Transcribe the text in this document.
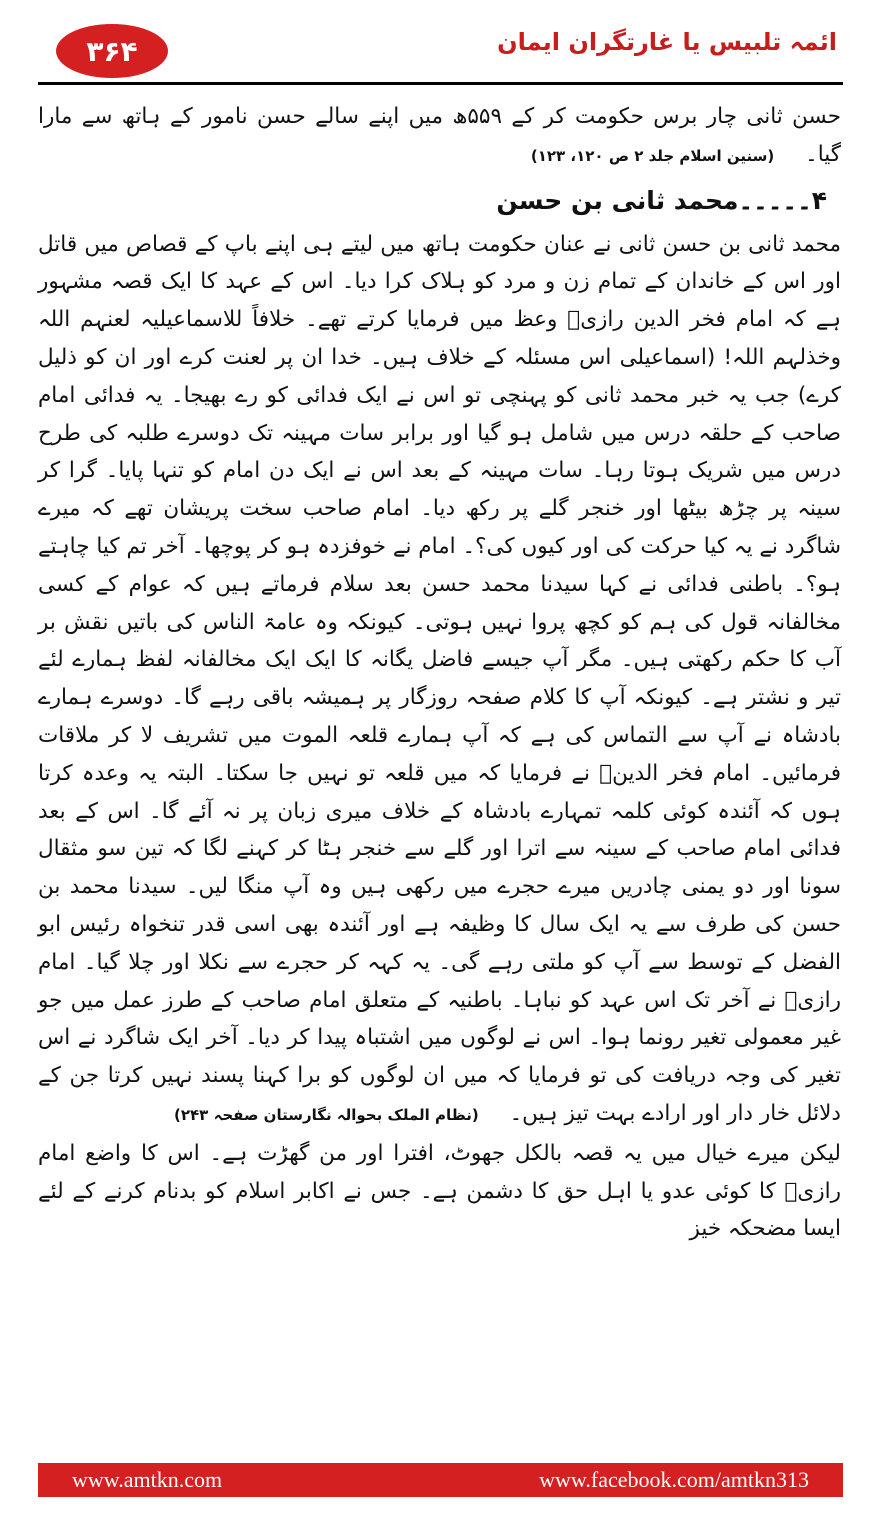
۳۶۴	ائمہ تلبیس یا غارتگران ایمان

حسن ثانی چار برس حکومت کر کے ۵۵۹ھ میں اپنے سالے حسن نامور کے ہاتھ سے مارا گیا۔ (سنین اسلام جلد ۲ ص ۱۲۰، ۱۲۳)

۴۔۔۔۔۔محمد ثانی بن حسن

محمد ثانی بن حسن ثانی نے عنان حکومت ہاتھ میں لیتے ہی اپنے باپ کے قصاص میں قاتل اور اس کے خاندان کے تمام زن و مرد کو ہلاک کرا دیا۔ اس کے عہد کا ایک قصہ مشہور ہے کہ امام فخر الدین رازیؒ وعظ میں فرمایا کرتے تھے۔ خلافاً للاسماعیلیہ لعنہم اللہ وخذلہم اللہ! (اسماعیلی اس مسئلہ کے خلاف ہیں۔ خدا ان پر لعنت کرے اور ان کو ذلیل کرے) جب یہ خبر محمد ثانی کو پہنچی تو اس نے ایک فدائی کو رے بھیجا۔ یہ فدائی امام صاحب کے حلقہ درس میں شامل ہو گیا اور برابر سات مہینہ تک دوسرے طلبہ کی طرح درس میں شریک ہوتا رہا۔ سات مہینہ کے بعد اس نے ایک دن امام کو تنہا پایا۔ گرا کر سینہ پر چڑھ بیٹھا اور خنجر گلے پر رکھ دیا۔ امام صاحب سخت پریشان تھے کہ میرے شاگرد نے یہ کیا حرکت کی اور کیوں کی؟۔ امام نے خوفزدہ ہو کر پوچھا۔ آخر تم کیا چاہتے ہو؟۔ باطنی فدائی نے کہا سیدنا محمد حسن بعد سلام فرماتے ہیں کہ عوام کے کسی مخالفانہ قول کی ہم کو کچھ پروا نہیں ہوتی۔ کیونکہ وہ عامۃ الناس کی باتیں نقش بر آب کا حکم رکھتی ہیں۔ مگر آپ جیسے فاضل یگانہ کا ایک ایک مخالفانہ لفظ ہمارے لئے تیر و نشتر ہے۔ کیونکہ آپ کا کلام صفحہ روزگار پر ہمیشہ باقی رہے گا۔ دوسرے ہمارے بادشاہ نے آپ سے التماس کی ہے کہ آپ ہمارے قلعہ الموت میں تشریف لا کر ملاقات فرمائیں۔ امام فخر الدینؒ نے فرمایا کہ میں قلعہ تو نہیں جا سکتا۔ البتہ یہ وعدہ کرتا ہوں کہ آئندہ کوئی کلمہ تمہارے بادشاہ کے خلاف میری زبان پر نہ آئے گا۔ اس کے بعد فدائی امام صاحب کے سینہ سے اترا اور گلے سے خنجر ہٹا کر کہنے لگا کہ تین سو مثقال سونا اور دو یمنی چادریں میرے حجرے میں رکھی ہیں وہ آپ منگا لیں۔ سیدنا محمد بن حسن کی طرف سے یہ ایک سال کا وظیفہ ہے اور آئندہ بھی اسی قدر تنخواہ رئیس ابو الفضل کے توسط سے آپ کو ملتی رہے گی۔ یہ کہہ کر حجرے سے نکلا اور چلا گیا۔ امام رازیؒ نے آخر تک اس عہد کو نباہا۔ باطنیہ کے متعلق امام صاحب کے طرز عمل میں جو غیر معمولی تغیر رونما ہوا۔ اس نے لوگوں میں اشتباہ پیدا کر دیا۔ آخر ایک شاگرد نے اس تغیر کی وجہ دریافت کی تو فرمایا کہ میں ان لوگوں کو برا کہنا پسند نہیں کرتا جن کے دلائل خار دار اور ارادے بہت تیز ہیں۔ (نظام الملک بحوالہ نگارستان صفحہ ۲۴۳)

لیکن میرے خیال میں یہ قصہ بالکل جھوٹ، افترا اور من گھڑت ہے۔ اس کا واضع امام رازیؒ کا کوئی عدو یا اہل حق کا دشمن ہے۔ جس نے اکابر اسلام کو بدنام کرنے کے لئے ایسا مضحکہ خیز

www.amtkn.com	www.facebook.com/amtkn313
